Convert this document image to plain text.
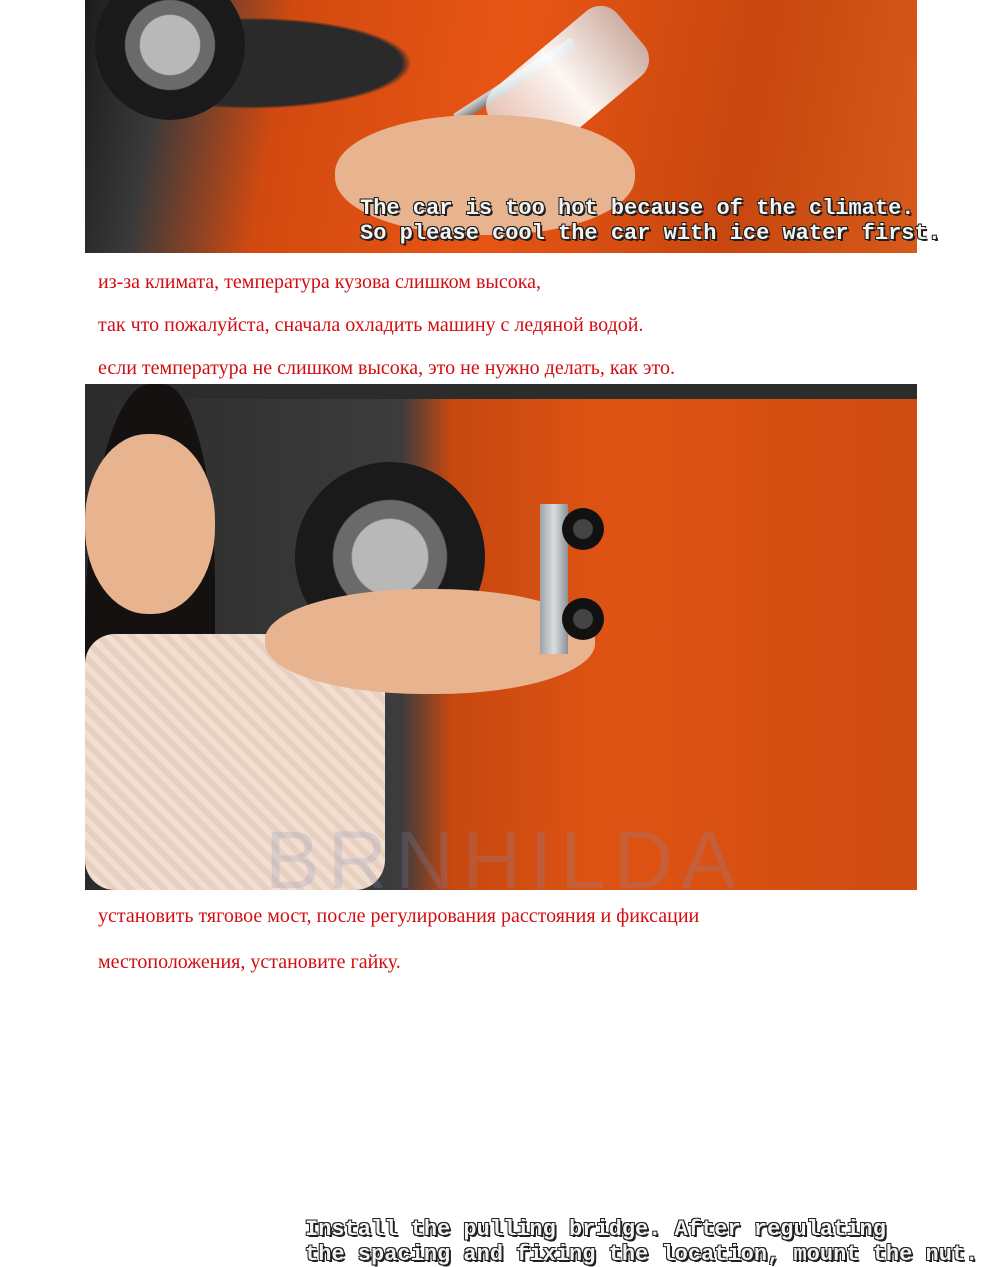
The car is too hot because of the climate.
So please cool the car with ice water first.
из-за климата, температура кузова слишком высока,
так что пожалуйста, сначала охладить машину с ледяной водой.
если температура не слишком высока, это не нужно делать, как это.
BRNHILDA
Install the pulling bridge. After regulating
the spacing and fixing the location, mount the nut.
установить тяговое мост, после регулирования расстояния и фиксации
местоположения, установите гайку.
